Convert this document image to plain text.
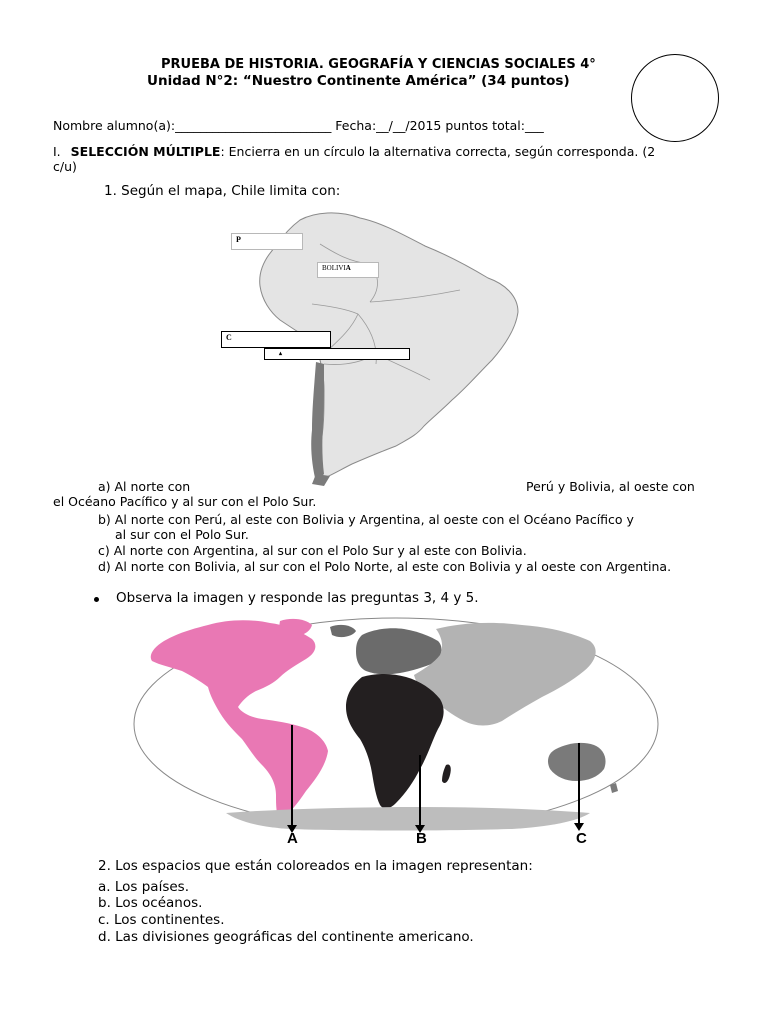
PRUEBA DE HISTORIA. GEOGRAFÍA Y CIENCIAS SOCIALES 4°
Unidad N°2: “Nuestro Continente América” (34 puntos)
Nombre alumno(a):_________________________ Fecha:__/__/2015 puntos total:___
I. SELECCIÓN MÚLTIPLE: Encierra en un círculo la alternativa correcta, según corresponda. (2
c/u)
1. Según el mapa, Chile limita con:
P
BOLIVIA
C
▴
a) Al norte con	Perú y Bolivia, al oeste con
el Océano Pacífico y al sur con el Polo Sur.
b) Al norte con Perú, al este con Bolivia y Argentina, al oeste con el Océano Pacífico y
al sur con el Polo Sur.
c) Al norte con Argentina, al sur con el Polo Sur y al este con Bolivia.
d) Al norte con Bolivia, al sur con el Polo Norte, al este con Bolivia y al oeste con Argentina.
Observa la imagen y responde las preguntas 3, 4 y 5.
A	B	C
2. Los espacios que están coloreados en la imagen representan:
a. Los países.
b. Los océanos.
c. Los continentes.
d. Las divisiones geográficas del continente americano.
